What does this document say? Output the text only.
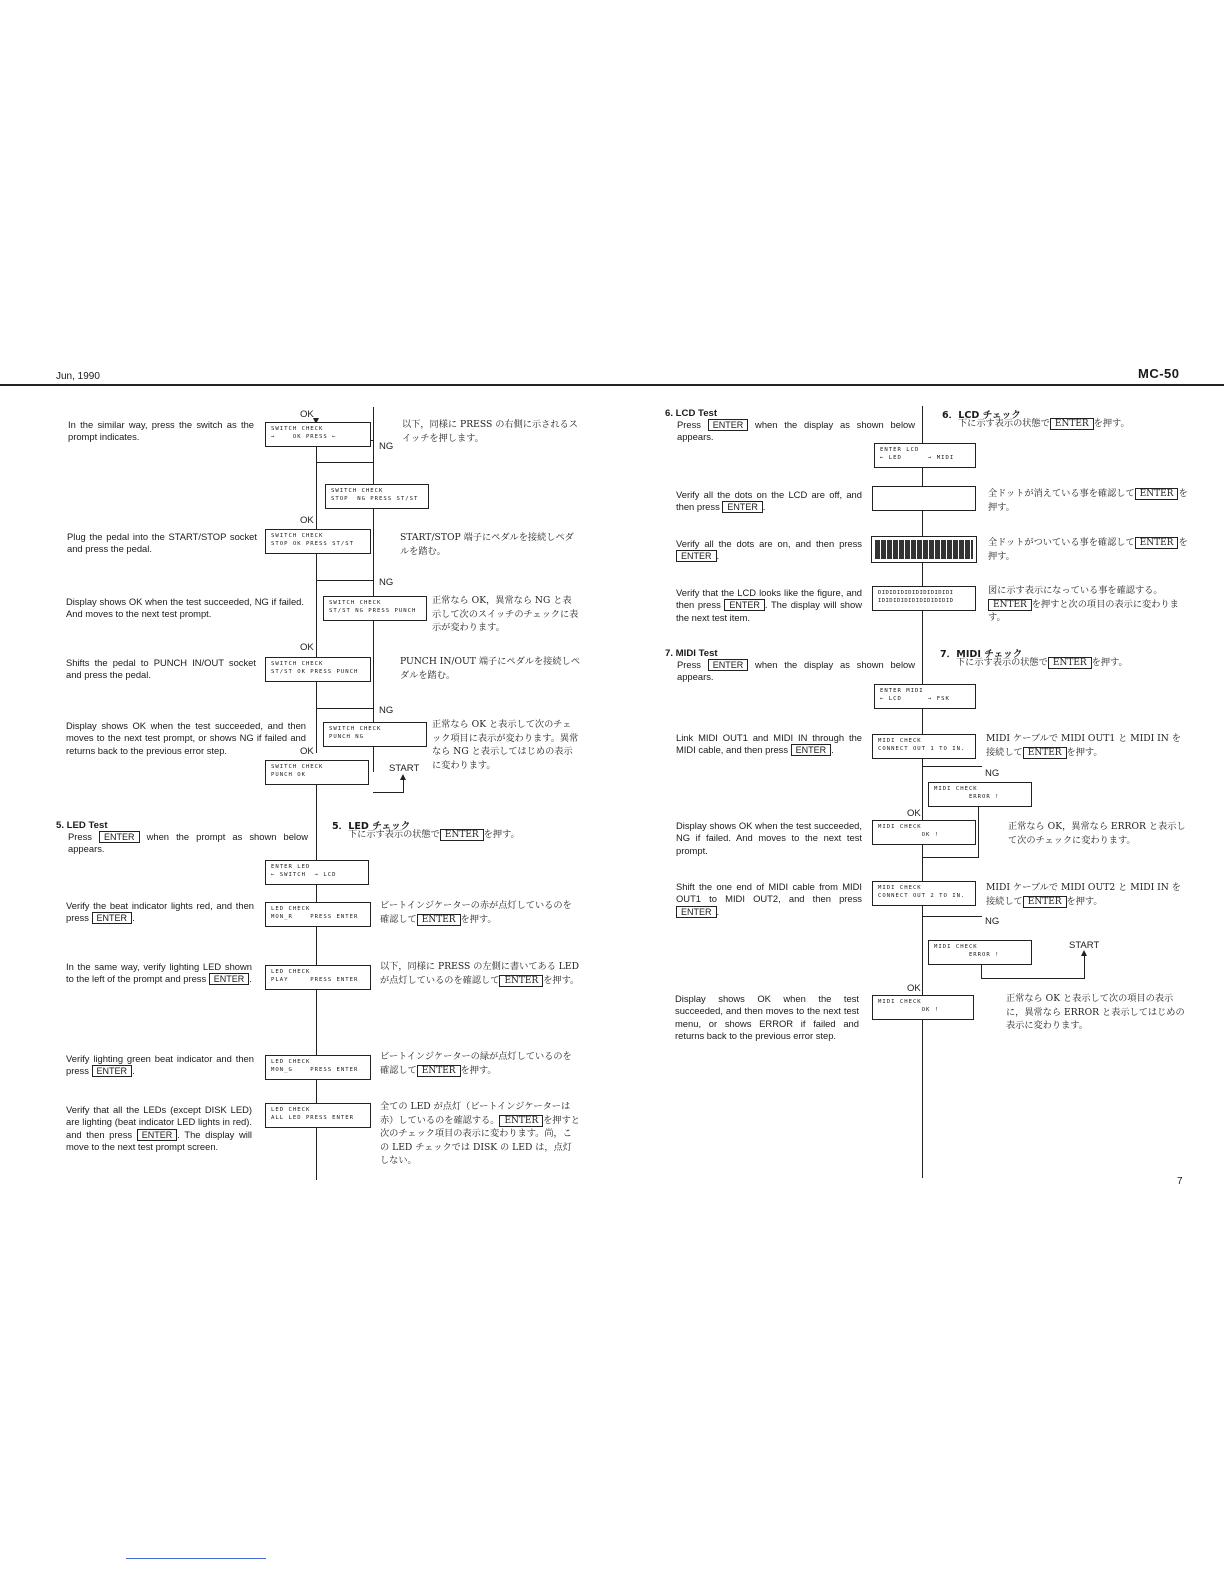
Jun, 1990	MC-50
OK
OK
OK
OK
NG
NG
NG
START
In the similar way, press the switch as the prompt indicates.
SWITCH CHECK
→    OK PRESS ←
以下，同様に PRESS の右側に示されるスイッチを押します。
SWITCH CHECK
STOP  NG PRESS ST/ST
Plug the pedal into the START/STOP socket and press the pedal.
SWITCH CHECK
STOP OK PRESS ST/ST
START/STOP 端子にペダルを接続しペダルを踏む。
Display shows OK when the test succeeded, NG if failed. And moves to the next test prompt.
SWITCH CHECK
ST/ST NG PRESS PUNCH
正常なら OK，異常なら NG と表示して次のスイッチのチェックに表示が変わります。
Shifts the pedal to PUNCH IN/OUT socket and press the pedal.
SWITCH CHECK
ST/ST OK PRESS PUNCH
PUNCH IN/OUT 端子にペダルを接続しペダルを踏む。
Display shows OK when the test succeeded, and then moves to the next test prompt, or shows NG if failed and returns back to the previous error step.
SWITCH CHECK
PUNCH NG
正常なら OK と表示して次のチェック項目に表示が変わります。異常なら NG と表示してはじめの表示に変わります。
SWITCH CHECK
PUNCH OK
5. LED Test
Press ENTER when the prompt as shown below appears.
5．LED チェック
下に示す表示の状態で ENTER を押す。
ENTER LED
← SWITCH  → LCD
Verify the beat indicator lights red, and then press ENTER .
LED CHECK
MON_R    PRESS ENTER
ビートインジケーターの赤が点灯しているのを確認して ENTER を押す。
In the same way, verify lighting LED shown to the left of the prompt and press ENTER .
LED CHECK
PLAY     PRESS ENTER
以下，同様に PRESS の左側に書いてある LED が点灯しているのを確認して ENTER を押す。
Verify lighting green beat indicator and then press ENTER .
LED CHECK
MON_G    PRESS ENTER
ビートインジケーターの緑が点灯しているのを確認して ENTER を押す。
Verify that all the LEDs (except DISK LED) are lighting (beat indicator LED lights in red). and then press ENTER . The display will move to the next test prompt screen.
LED CHECK
ALL LED PRESS ENTER
全ての LED が点灯（ビートインジケーターは赤）しているのを確認する。 ENTER を押すと次のチェック項目の表示に変わります。尚，この LED チェックでは DISK の LED は，点灯しない。
NG
OK
NG
START
OK
6. LCD Test
Press ENTER when the display as shown below appears.
6．LCD チェック
下に示す表示の状態で ENTER を押す。
ENTER LCD
← LED      → MIDI
Verify all the dots on the LCD are off, and then press ENTER .
全ドットが消えている事を確認して ENTER を押す。
Verify all the dots are on, and then press ENTER .
全ドットがついている事を確認して ENTER を押す。
Verify that the LCD looks like the figure, and then press ENTER . The display will show the next test item.
DIDIDIDIDIDIDIDIDIDI
IDIDIDIDIDIDIDIDIDID
図に示す表示になっている事を確認する。ENTER を押すと次の項目の表示に変わります。
7. MIDI Test
Press ENTER when the display as shown below appears.
7．MIDI チェック
下に示す表示の状態で ENTER を押す。
ENTER MIDI
← LCD      → FSK
Link MIDI OUT1 and MIDI IN through the MIDI cable, and then press ENTER .
MIDI CHECK
CONNECT OUT 1 TO IN.
MIDI ケーブルで MIDI OUT1 と MIDI IN を接続して ENTER を押す。
MIDI CHECK
ERROR !
Display shows OK when the test succeeded, NG if failed. And moves to the next test prompt.
MIDI CHECK
OK !
正常なら OK，異常なら ERROR と表示して次のチェックに変わります。
Shift the one end of MIDI cable from MIDI OUT1 to MIDI OUT2, and then press ENTER .
MIDI CHECK
CONNECT OUT 2 TO IN.
MIDI ケーブルで MIDI OUT2 と MIDI IN を接続して ENTER を押す。
MIDI CHECK
ERROR !
Display shows OK when the test succeeded, and then moves to the next test menu, or shows ERROR if failed and returns back to the previous error step.
MIDI CHECK
OK !
正常なら OK と表示して次の項目の表示に，異常なら ERROR と表示してはじめの表示に変わります。
7
